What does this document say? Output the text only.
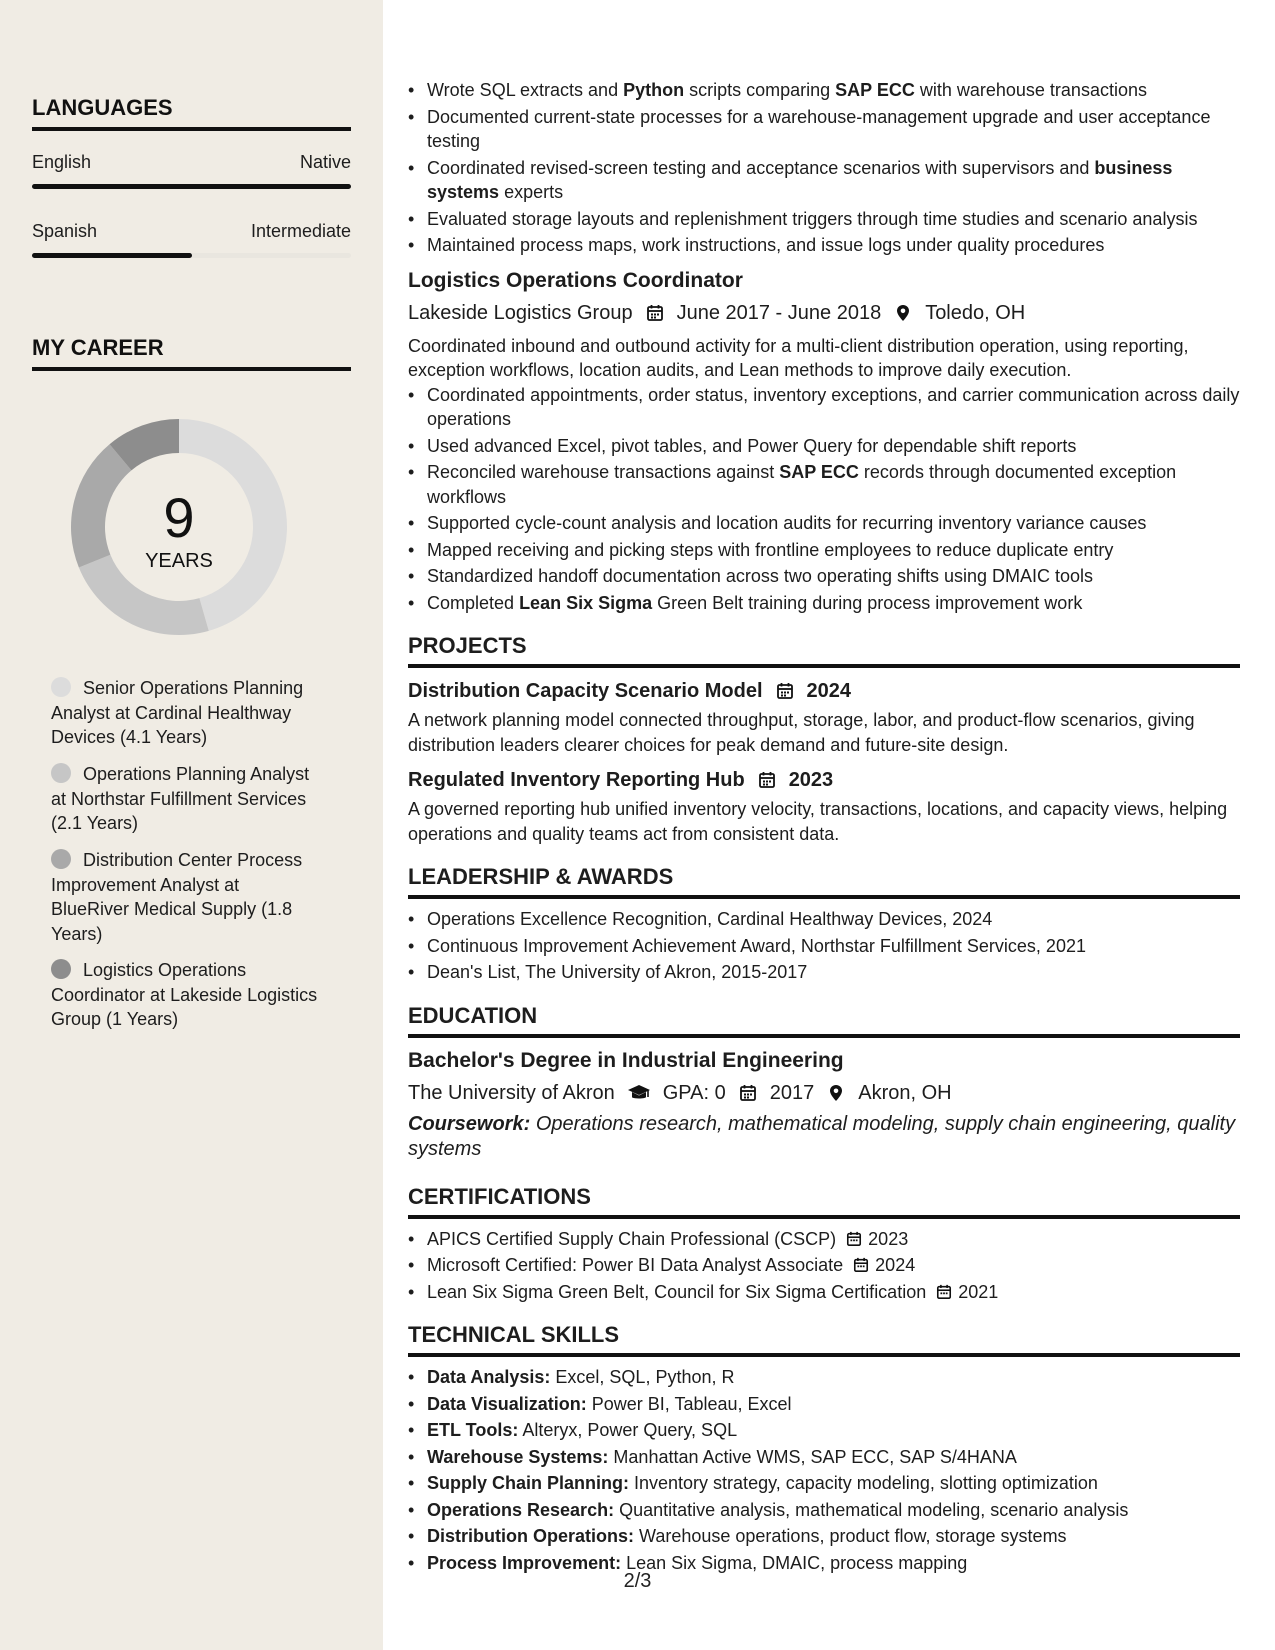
LANGUAGES
English	Native
Spanish	Intermediate
MY CAREER
9
YEARS
Senior Operations Planning Analyst at Cardinal Healthway Devices (4.1 Years)
Operations Planning Analyst at Northstar Fulfillment Services (2.1 Years)
Distribution Center Process Improvement Analyst at BlueRiver Medical Supply (1.8 Years)
Logistics Operations Coordinator at Lakeside Logistics Group (1 Years)
• Wrote SQL extracts and Python scripts comparing SAP ECC with warehouse transactions
• Documented current-state processes for a warehouse-management upgrade and user acceptance testing
• Coordinated revised-screen testing and acceptance scenarios with supervisors and business systems experts
• Evaluated storage layouts and replenishment triggers through time studies and scenario analysis
• Maintained process maps, work instructions, and issue logs under quality procedures
Logistics Operations Coordinator
Lakeside Logistics Group June 2017 - June 2018 Toledo, OH
Coordinated inbound and outbound activity for a multi-client distribution operation, using reporting, exception workflows, location audits, and Lean methods to improve daily execution.
• Coordinated appointments, order status, inventory exceptions, and carrier communication across daily operations
• Used advanced Excel, pivot tables, and Power Query for dependable shift reports
• Reconciled warehouse transactions against SAP ECC records through documented exception workflows
• Supported cycle-count analysis and location audits for recurring inventory variance causes
• Mapped receiving and picking steps with frontline employees to reduce duplicate entry
• Standardized handoff documentation across two operating shifts using DMAIC tools
• Completed Lean Six Sigma Green Belt training during process improvement work
PROJECTS
Distribution Capacity Scenario Model 2024
A network planning model connected throughput, storage, labor, and product-flow scenarios, giving distribution leaders clearer choices for peak demand and future-site design.
Regulated Inventory Reporting Hub 2023
A governed reporting hub unified inventory velocity, transactions, locations, and capacity views, helping operations and quality teams act from consistent data.
LEADERSHIP & AWARDS
• Operations Excellence Recognition, Cardinal Healthway Devices, 2024
• Continuous Improvement Achievement Award, Northstar Fulfillment Services, 2021
• Dean's List, The University of Akron, 2015-2017
EDUCATION
Bachelor's Degree in Industrial Engineering
The University of Akron GPA: 0 2017 Akron, OH
Coursework: Operations research, mathematical modeling, supply chain engineering, quality systems
CERTIFICATIONS
• APICS Certified Supply Chain Professional (CSCP) 2023
• Microsoft Certified: Power BI Data Analyst Associate 2024
• Lean Six Sigma Green Belt, Council for Six Sigma Certification 2021
TECHNICAL SKILLS
• Data Analysis: Excel, SQL, Python, R
• Data Visualization: Power BI, Tableau, Excel
• ETL Tools: Alteryx, Power Query, SQL
• Warehouse Systems: Manhattan Active WMS, SAP ECC, SAP S/4HANA
• Supply Chain Planning: Inventory strategy, capacity modeling, slotting optimization
• Operations Research: Quantitative analysis, mathematical modeling, scenario analysis
• Distribution Operations: Warehouse operations, product flow, storage systems
• Process Improvement: Lean Six Sigma, DMAIC, process mapping
2/3
